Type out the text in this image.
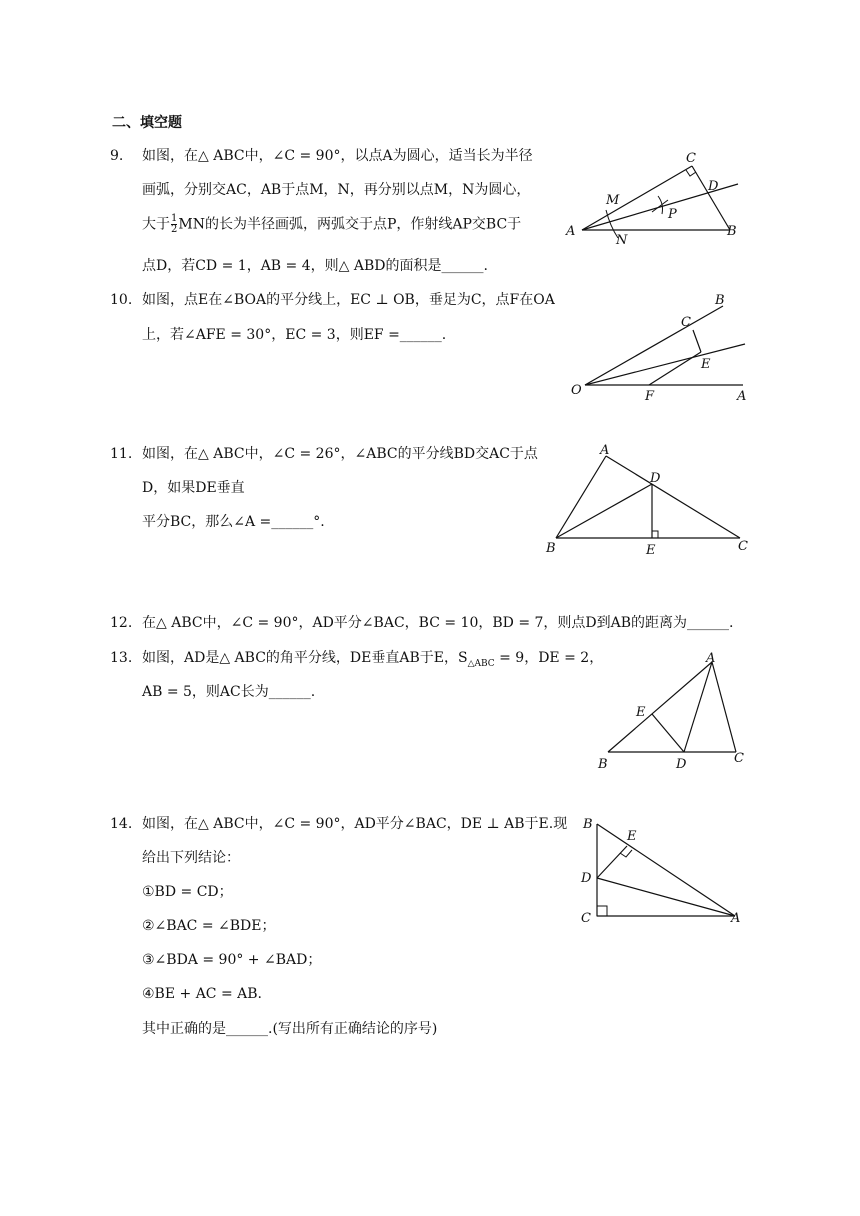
二、填空题
9. 如图，在△ ABC中，∠C = 90°，以点A为圆心，适当长为半径
画弧，分别交AC，AB于点M，N，再分别以点M，N为圆心，
大于 $\frac{1}{2}$ MN的长为半径画弧，两弧交于点P，作射线AP交BC于
点D，若CD = 1，AB = 4，则△ ABD的面积是______.
A	B
C
D
M
N
P
10. 如图，点E在∠BOA的平分线上，EC ⊥ OB，垂足为C，点F在OA
上，若∠AFE = 30°，EC = 3，则EF =______.
O	A
B
C
E
F
11. 如图，在△ ABC中，∠C = 26°，∠ABC的平分线BD交AC于点
D，如果DE垂直
平分BC，那么∠A =______°.
A
B	C
D
E
12. 在△ ABC中，∠C = 90°，AD平分∠BAC，BC = 10，BD = 7，则点D到AB的距离为______.
13. 如图，AD是△ ABC的角平分线，DE垂直AB于E，$S_{\triangle ABC} = 9$，DE = 2，
AB = 5，则AC长为______.
A
B	C
D
E
14. 如图，在△ ABC中，∠C = 90°，AD平分∠BAC，DE ⊥ AB于E.现
给出下列结论：
①BD = CD；
②∠BAC = ∠BDE；
③∠BDA = 90° + ∠BAD；
④BE + AC = AB.
其中正确的是______.(写出所有正确结论的序号)
A
B
C
D
E
